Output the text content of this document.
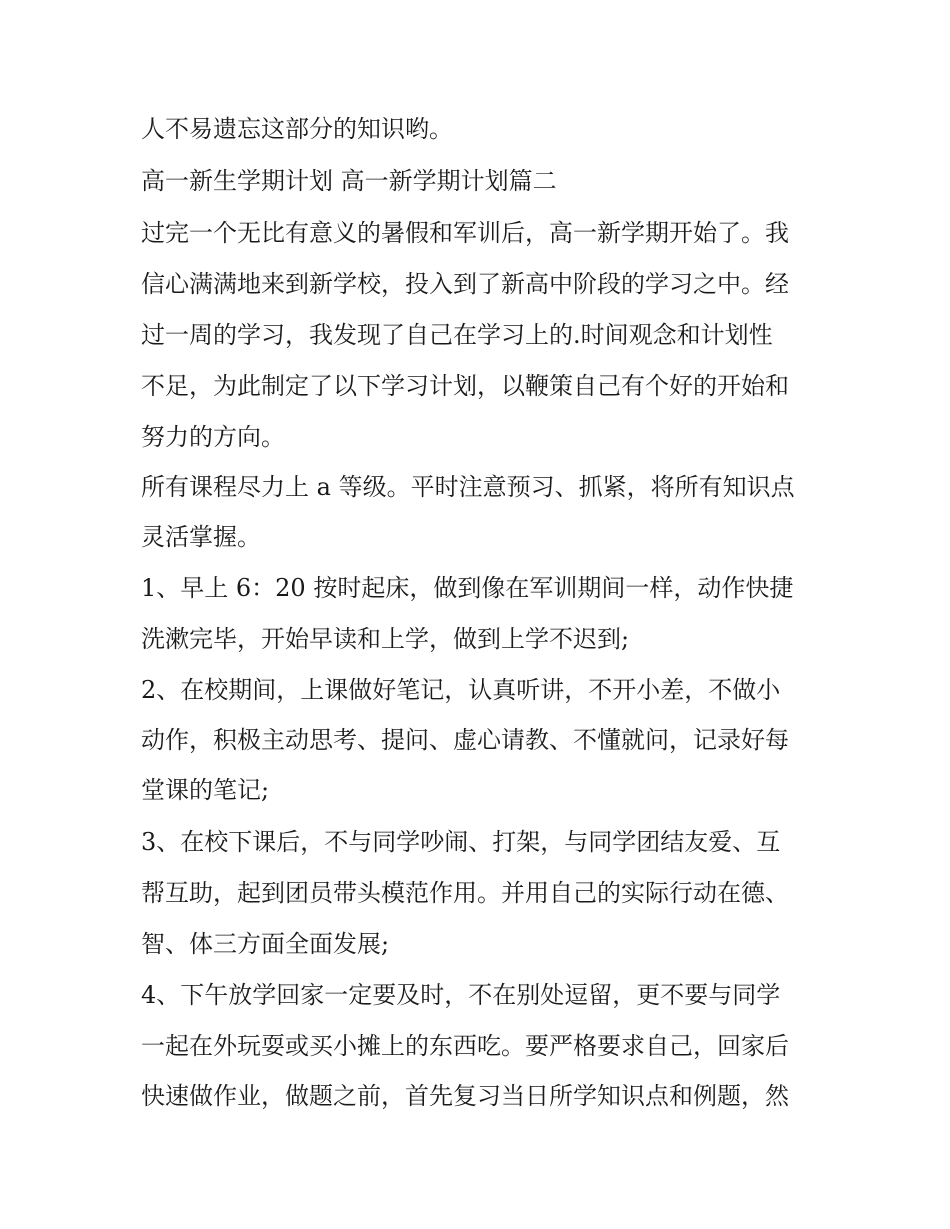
人不易遗忘这部分的知识哟。
高一新生学期计划 高一新学期计划篇二
过完一个无比有意义的暑假和军训后，高一新学期开始了。我
信心满满地来到新学校，投入到了新高中阶段的学习之中。经
过一周的学习，我发现了自己在学习上的.时间观念和计划性
不足，为此制定了以下学习计划，以鞭策自己有个好的开始和
努力的方向。
所有课程尽力上 a 等级。平时注意预习、抓紧，将所有知识点
灵活掌握。
1、早上 6：20 按时起床，做到像在军训期间一样，动作快捷
洗漱完毕，开始早读和上学，做到上学不迟到;
2、在校期间，上课做好笔记，认真听讲，不开小差，不做小
动作，积极主动思考、提问、虚心请教、不懂就问，记录好每
堂课的笔记;
3、在校下课后，不与同学吵闹、打架，与同学团结友爱、互
帮互助，起到团员带头模范作用。并用自己的实际行动在德、
智、体三方面全面发展;
4、下午放学回家一定要及时，不在别处逗留，更不要与同学
一起在外玩耍或买小摊上的东西吃。要严格要求自己，回家后
快速做作业，做题之前，首先复习当日所学知识点和例题，然
